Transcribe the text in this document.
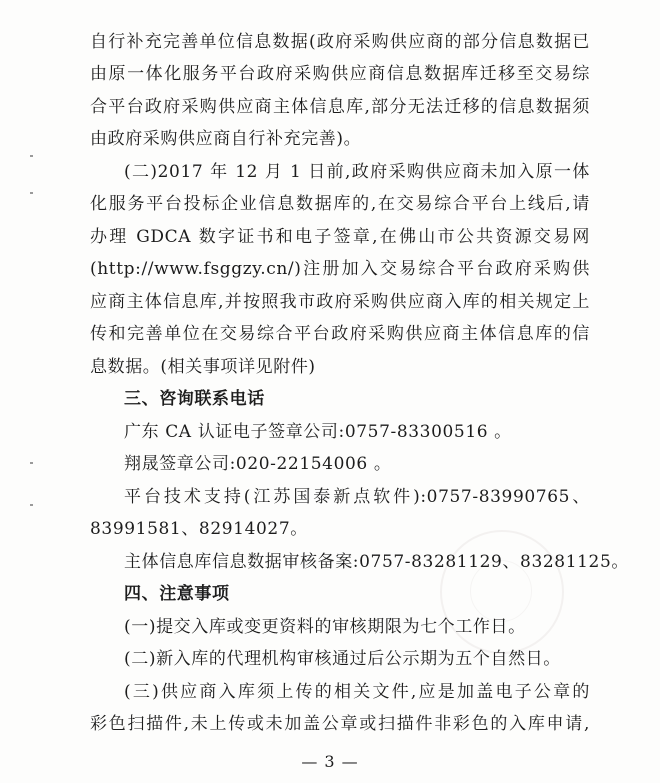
自行补充完善单位信息数据(政府采购供应商的部分信息数据已
由原一体化服务平台政府采购供应商信息数据库迁移至交易综
合平台政府采购供应商主体信息库,部分无法迁移的信息数据须
由政府采购供应商自行补充完善)。
(二)2017 年 12 月 1 日前,政府采购供应商未加入原一体
化服务平台投标企业信息数据库的,在交易综合平台上线后,请
办理 GDCA 数字证书和电子签章,在佛山市公共资源交易网
(http://www.fsggzy.cn/)注册加入交易综合平台政府采购供
应商主体信息库,并按照我市政府采购供应商入库的相关规定上
传和完善单位在交易综合平台政府采购供应商主体信息库的信
息数据。(相关事项详见附件)
三、咨询联系电话
广东 CA 认证电子签章公司:0757-83300516 。
翔晟签章公司:020-22154006 。
平台技术支持(江苏国泰新点软件):0757-83990765、
83991581、82914027。
主体信息库信息数据审核备案:0757-83281129、83281125。
四、注意事项
(一)提交入库或变更资料的审核期限为七个工作日。
(二)新入库的代理机构审核通过后公示期为五个自然日。
(三)供应商入库须上传的相关文件,应是加盖电子公章的
彩色扫描件,未上传或未加盖公章或扫描件非彩色的入库申请,
— 3 —
